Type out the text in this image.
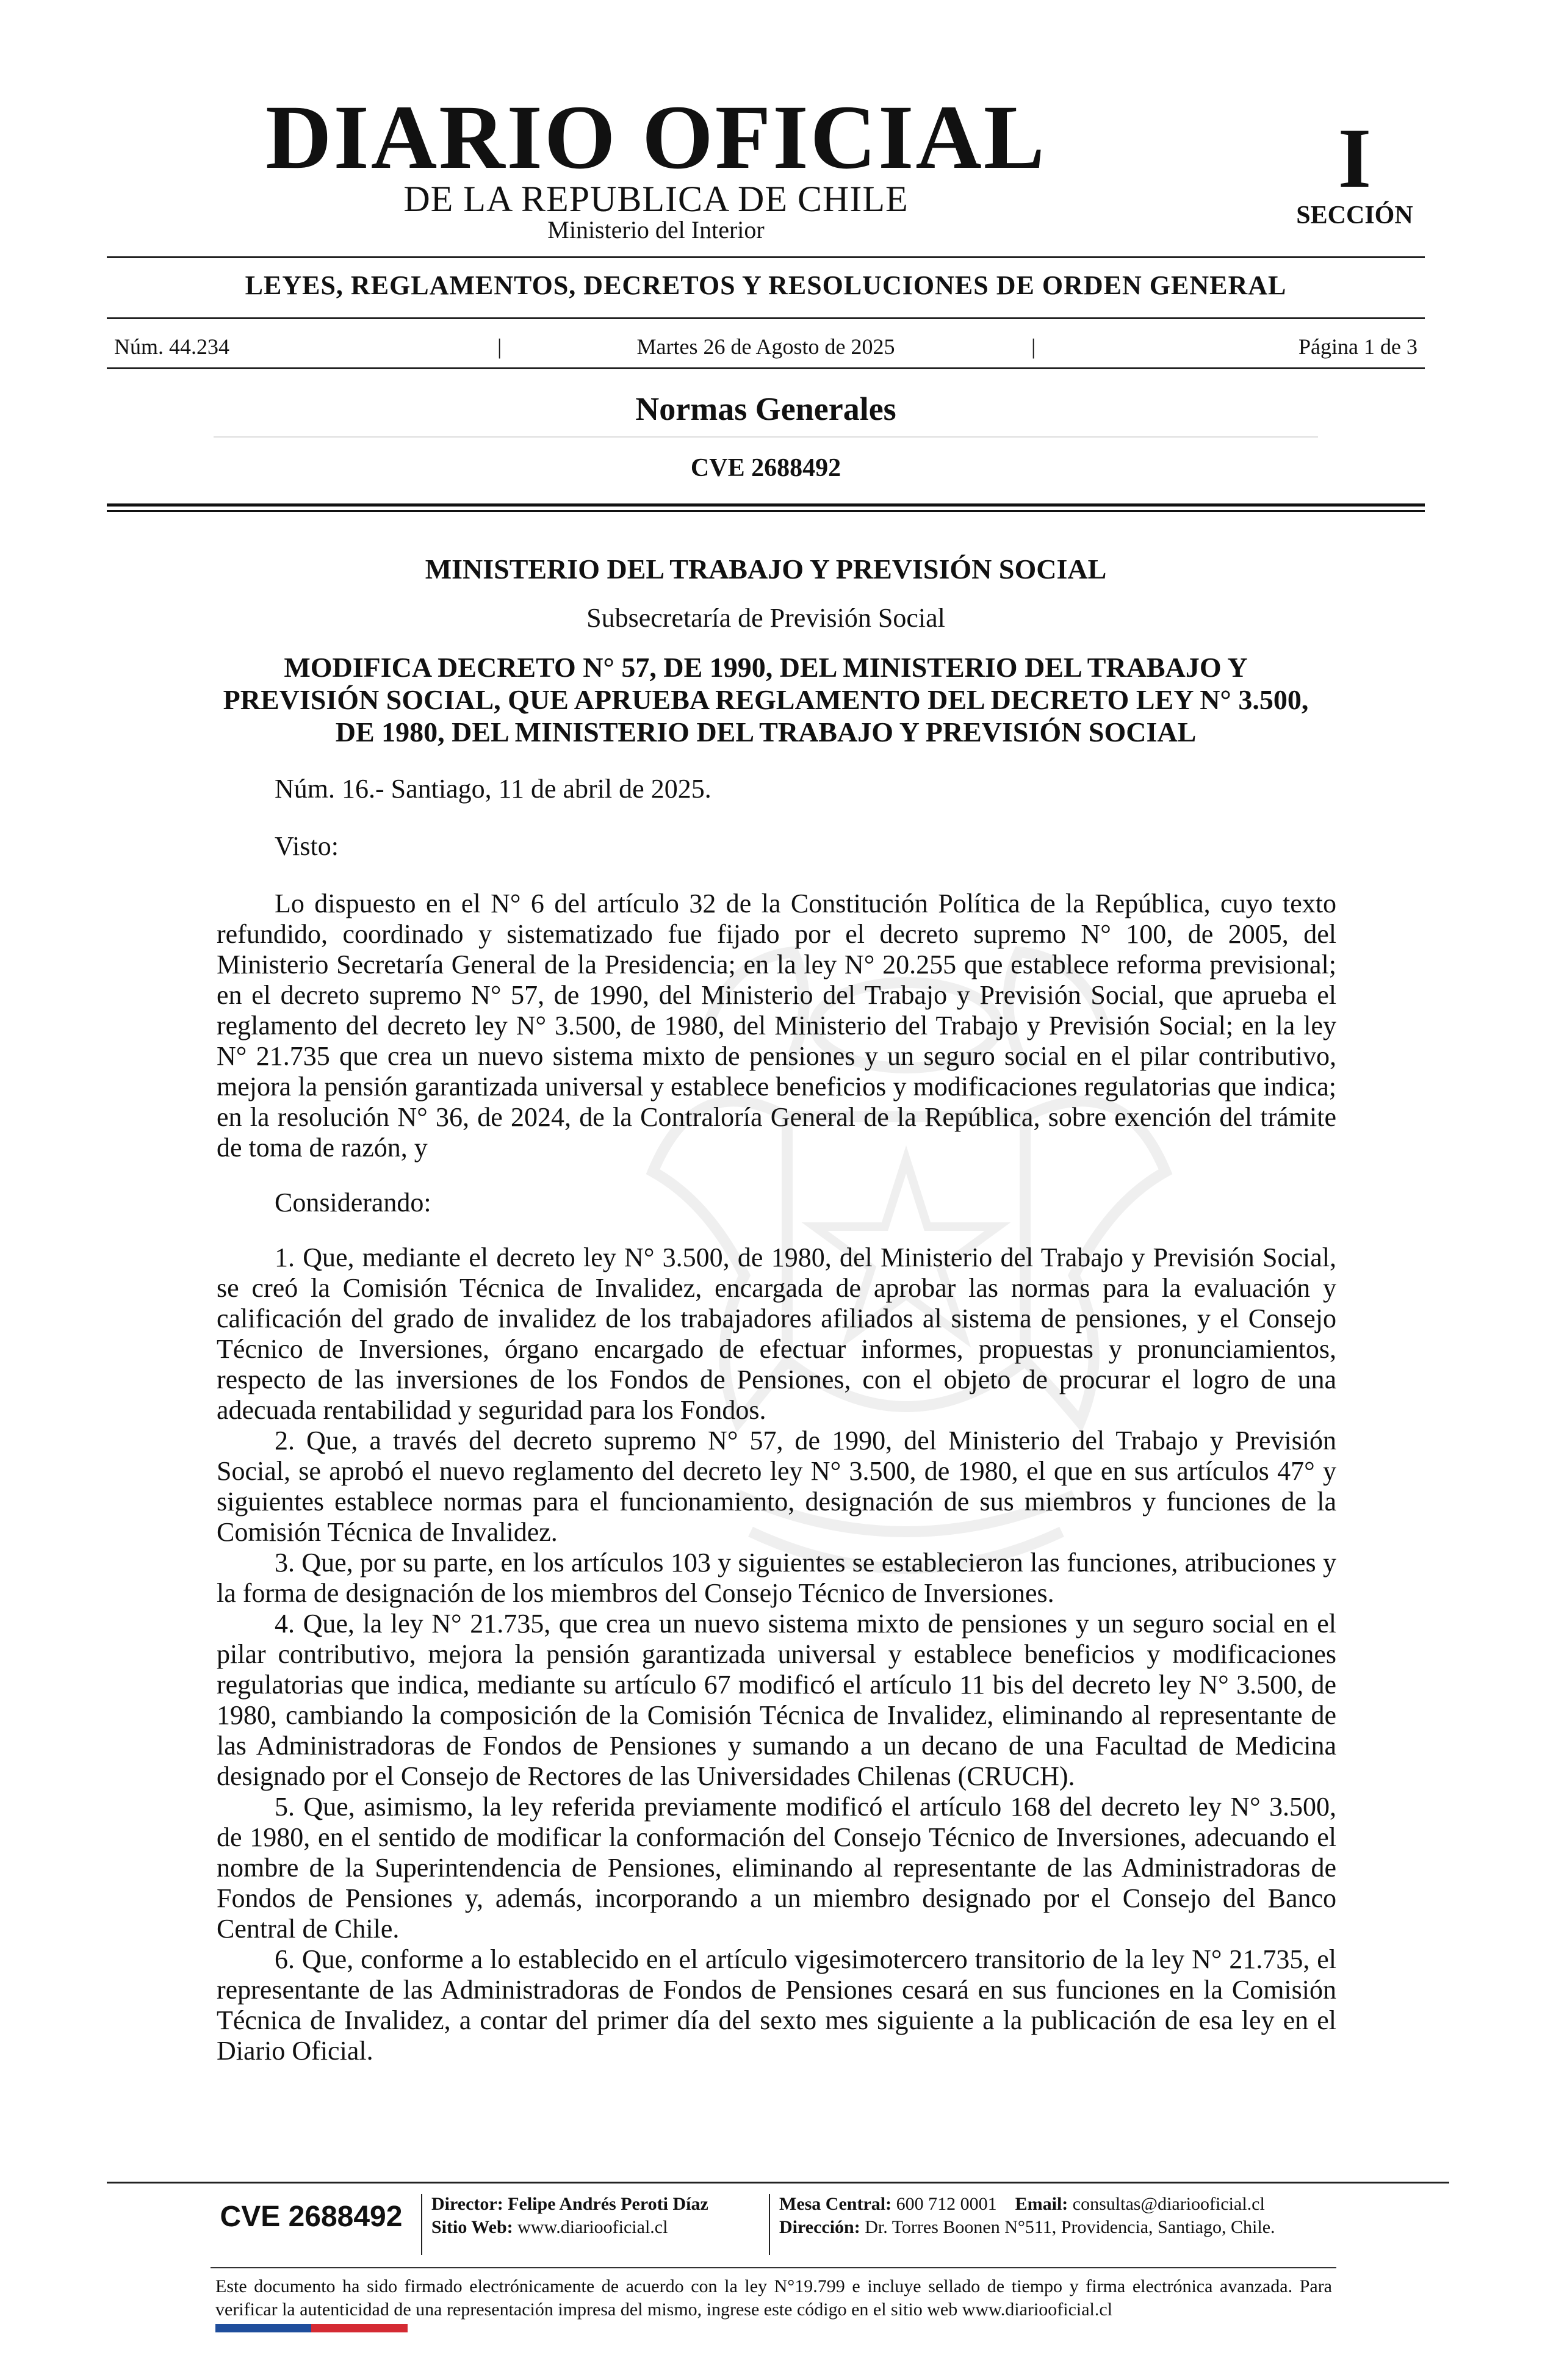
DIARIO OFICIAL
DE LA REPUBLICA DE CHILE
Ministerio del Interior
I
SECCIÓN
LEYES, REGLAMENTOS, DECRETOS Y RESOLUCIONES DE ORDEN GENERAL
Núm. 44.234	|	Martes 26 de Agosto de 2025	|	Página 1 de 3
Normas Generales
CVE 2688492
MINISTERIO DEL TRABAJO Y PREVISIÓN SOCIAL
Subsecretaría de Previsión Social
MODIFICA DECRETO N° 57, DE 1990, DEL MINISTERIO DEL TRABAJO Y
PREVISIÓN SOCIAL, QUE APRUEBA REGLAMENTO DEL DECRETO LEY N° 3.500,
DE 1980, DEL MINISTERIO DEL TRABAJO Y PREVISIÓN SOCIAL

Núm. 16.- Santiago, 11 de abril de 2025.

Visto:

Lo dispuesto en el N° 6 del artículo 32 de la Constitución Política de la República, cuyo texto refundido, coordinado y sistematizado fue fijado por el decreto supremo N° 100, de 2005, del Ministerio Secretaría General de la Presidencia; en la ley N° 20.255 que establece reforma previsional; en el decreto supremo N° 57, de 1990, del Ministerio del Trabajo y Previsión Social, que aprueba el reglamento del decreto ley N° 3.500, de 1980, del Ministerio del Trabajo y Previsión Social; en la ley N° 21.735 que crea un nuevo sistema mixto de pensiones y un seguro social en el pilar contributivo, mejora la pensión garantizada universal y establece beneficios y modificaciones regulatorias que indica; en la resolución N° 36, de 2024, de la Contraloría General de la República, sobre exención del trámite de toma de razón, y

Considerando:

1. Que, mediante el decreto ley N° 3.500, de 1980, del Ministerio del Trabajo y Previsión Social, se creó la Comisión Técnica de Invalidez, encargada de aprobar las normas para la evaluación y calificación del grado de invalidez de los trabajadores afiliados al sistema de pensiones, y el Consejo Técnico de Inversiones, órgano encargado de efectuar informes, propuestas y pronunciamientos, respecto de las inversiones de los Fondos de Pensiones, con el objeto de procurar el logro de una adecuada rentabilidad y seguridad para los Fondos.

2. Que, a través del decreto supremo N° 57, de 1990, del Ministerio del Trabajo y Previsión Social, se aprobó el nuevo reglamento del decreto ley N° 3.500, de 1980, el que en sus artículos 47° y siguientes establece normas para el funcionamiento, designación de sus miembros y funciones de la Comisión Técnica de Invalidez.

3. Que, por su parte, en los artículos 103 y siguientes se establecieron las funciones, atribuciones y la forma de designación de los miembros del Consejo Técnico de Inversiones.

4. Que, la ley N° 21.735, que crea un nuevo sistema mixto de pensiones y un seguro social en el pilar contributivo, mejora la pensión garantizada universal y establece beneficios y modificaciones regulatorias que indica, mediante su artículo 67 modificó el artículo 11 bis del decreto ley N° 3.500, de 1980, cambiando la composición de la Comisión Técnica de Invalidez, eliminando al representante de las Administradoras de Fondos de Pensiones y sumando a un decano de una Facultad de Medicina designado por el Consejo de Rectores de las Universidades Chilenas (CRUCH).

5. Que, asimismo, la ley referida previamente modificó el artículo 168 del decreto ley N° 3.500, de 1980, en el sentido de modificar la conformación del Consejo Técnico de Inversiones, adecuando el nombre de la Superintendencia de Pensiones, eliminando al representante de las Administradoras de Fondos de Pensiones y, además, incorporando a un miembro designado por el Consejo del Banco Central de Chile.

6. Que, conforme a lo establecido en el artículo vigesimotercero transitorio de la ley N° 21.735, el representante de las Administradoras de Fondos de Pensiones cesará en sus funciones en la Comisión Técnica de Invalidez, a contar del primer día del sexto mes siguiente a la publicación de esa ley en el Diario Oficial.

CVE 2688492	Director: Felipe Andrés Peroti Díaz
Sitio Web: www.diariooficial.cl
Mesa Central: 600 712 0001 Email: consultas@diariooficial.cl
Dirección: Dr. Torres Boonen N°511, Providencia, Santiago, Chile.
Este documento ha sido firmado electrónicamente de acuerdo con la ley N°19.799 e incluye sellado de tiempo y firma electrónica avanzada. Para verificar la autenticidad de una representación impresa del mismo, ingrese este código en el sitio web www.diariooficial.cl
